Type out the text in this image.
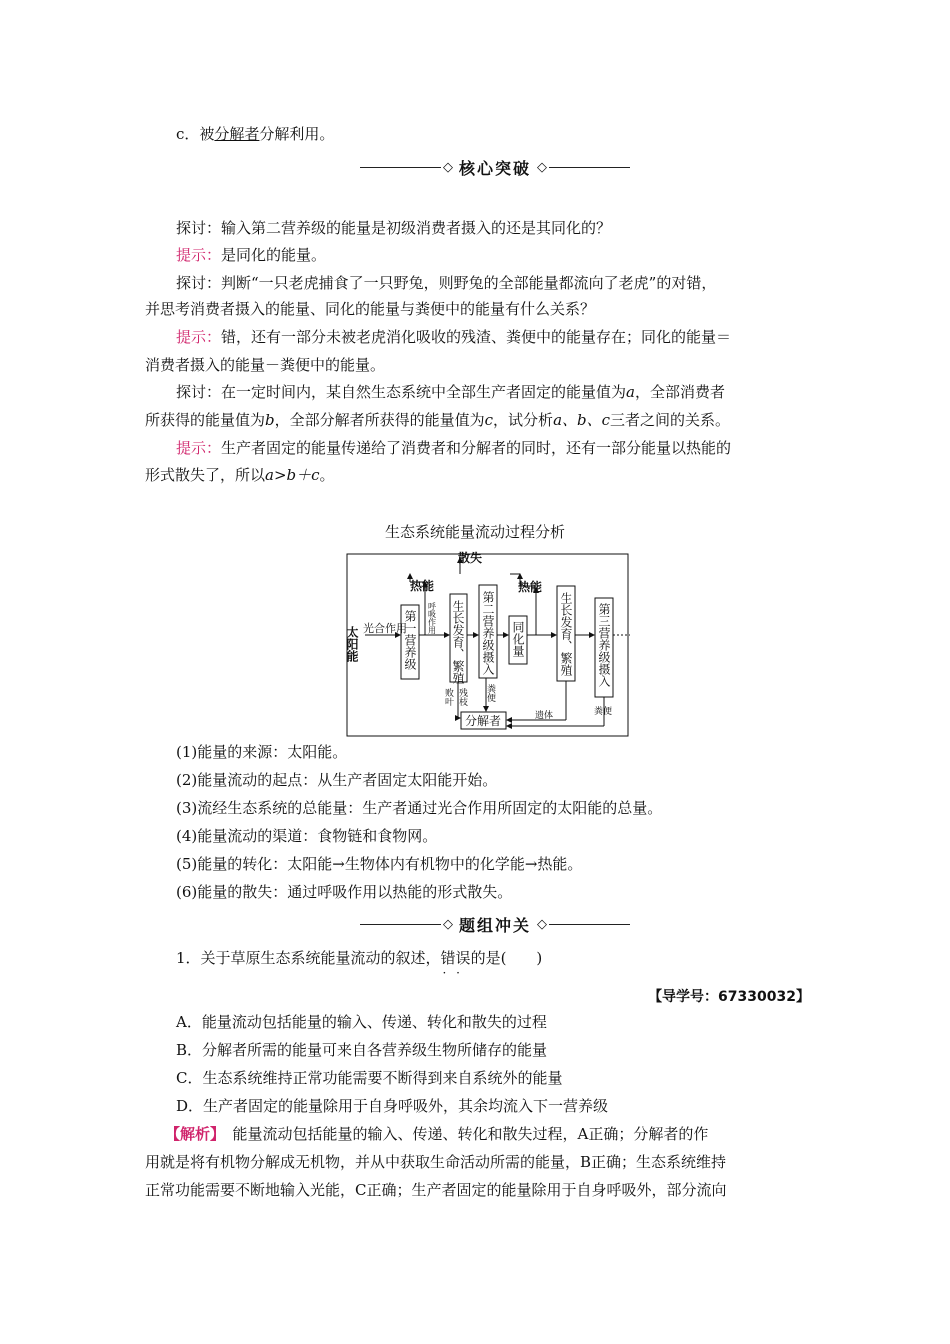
c．被分解者分解利用。
◇ 核心突破 ◇
探讨：输入第二营养级的能量是初级消费者摄入的还是其同化的？
提示：是同化的能量。
探讨：判断“一只老虎捕食了一只野兔，则野兔的全部能量都流向了老虎”的对错，
并思考消费者摄入的能量、同化的能量与粪便中的能量有什么关系？
提示：错，还有一部分未被老虎消化吸收的残渣、粪便中的能量存在；同化的能量＝
消费者摄入的能量－粪便中的能量。
探讨：在一定时间内，某自然生态系统中全部生产者固定的能量值为a，全部消费者
所获得的能量值为b，全部分解者所获得的能量值为c，试分析a、b、c三者之间的关系。
提示：生产者固定的能量传递给了消费者和分解者的同时，还有一部分能量以热能的
形式散失了，所以a>b＋c。
生态系统能量流动过程分析
散失
热能	热能
光合作用
太阳能
呼吸作用
第一营养级	生长发育、繁殖 第二营养级摄入 同化量	生长发育、繁殖 第三营养级摄入
败叶 残枝 粪便
遗体	粪便
分解者
(1)能量的来源：太阳能。
(2)能量流动的起点：从生产者固定太阳能开始。
(3)流经生态系统的总能量：生产者通过光合作用所固定的太阳能的总量。
(4)能量流动的渠道：食物链和食物网。
(5)能量的转化：太阳能→生物体内有机物中的化学能→热能。
(6)能量的散失：通过呼吸作用以热能的形式散失。
◇ 题组冲关 ◇
1．关于草原生态系统能量流动的叙述，错误 · ·的是(　　)
【导学号：67330032】
A．能量流动包括能量的输入、传递、转化和散失的过程
B．分解者所需的能量可来自各营养级生物所储存的能量
C．生态系统维持正常功能需要不断得到来自系统外的能量
D．生产者固定的能量除用于自身呼吸外，其余均流入下一营养级
【解析】　能量流动包括能量的输入、传递、转化和散失过程，A正确；分解者的作
用就是将有机物分解成无机物，并从中获取生命活动所需的能量，B正确；生态系统维持
正常功能需要不断地输入光能，C正确；生产者固定的能量除用于自身呼吸外，部分流向
